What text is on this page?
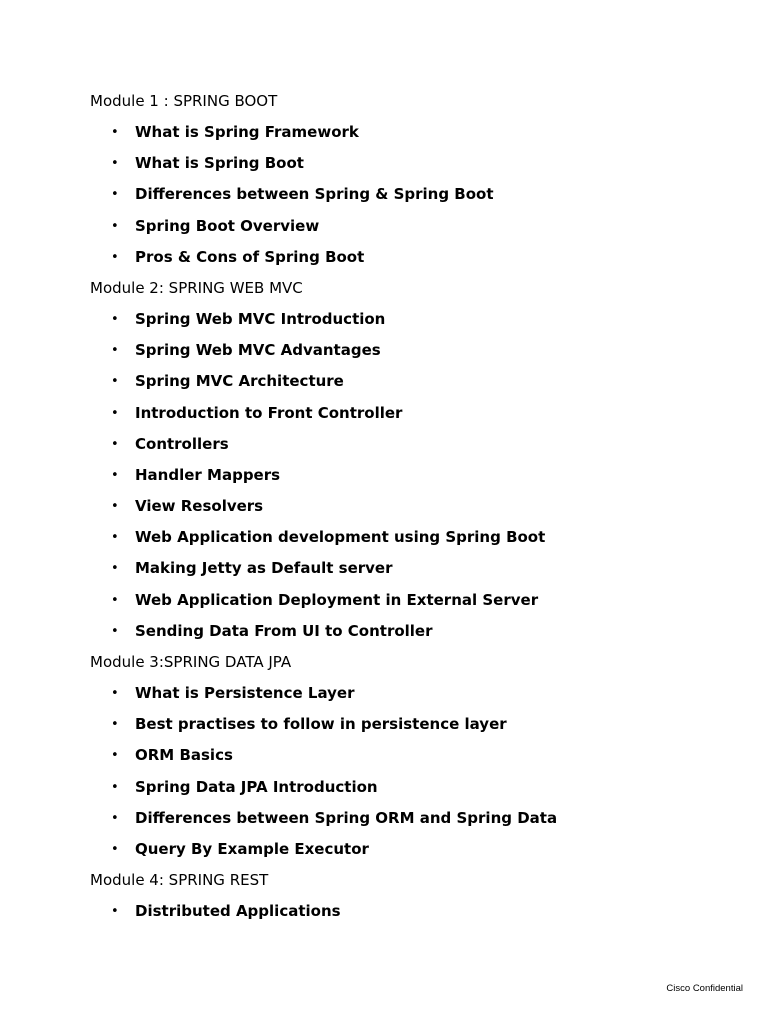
Module 1 : SPRING BOOT
• What is Spring Framework
• What is Spring Boot
• Differences between Spring & Spring Boot
• Spring Boot Overview
• Pros & Cons of Spring Boot
Module 2: SPRING WEB MVC
• Spring Web MVC Introduction
• Spring Web MVC Advantages
• Spring MVC Architecture
• Introduction to Front Controller
• Controllers
• Handler Mappers
• View Resolvers
• Web Application development using Spring Boot
• Making Jetty as Default server
• Web Application Deployment in External Server
• Sending Data From UI to Controller
Module 3:SPRING DATA JPA
• What is Persistence Layer
• Best practises to follow in persistence layer
• ORM Basics
• Spring Data JPA Introduction
• Differences between Spring ORM and Spring Data
• Query By Example Executor
Module 4: SPRING REST
• Distributed Applications
Cisco Confidential
